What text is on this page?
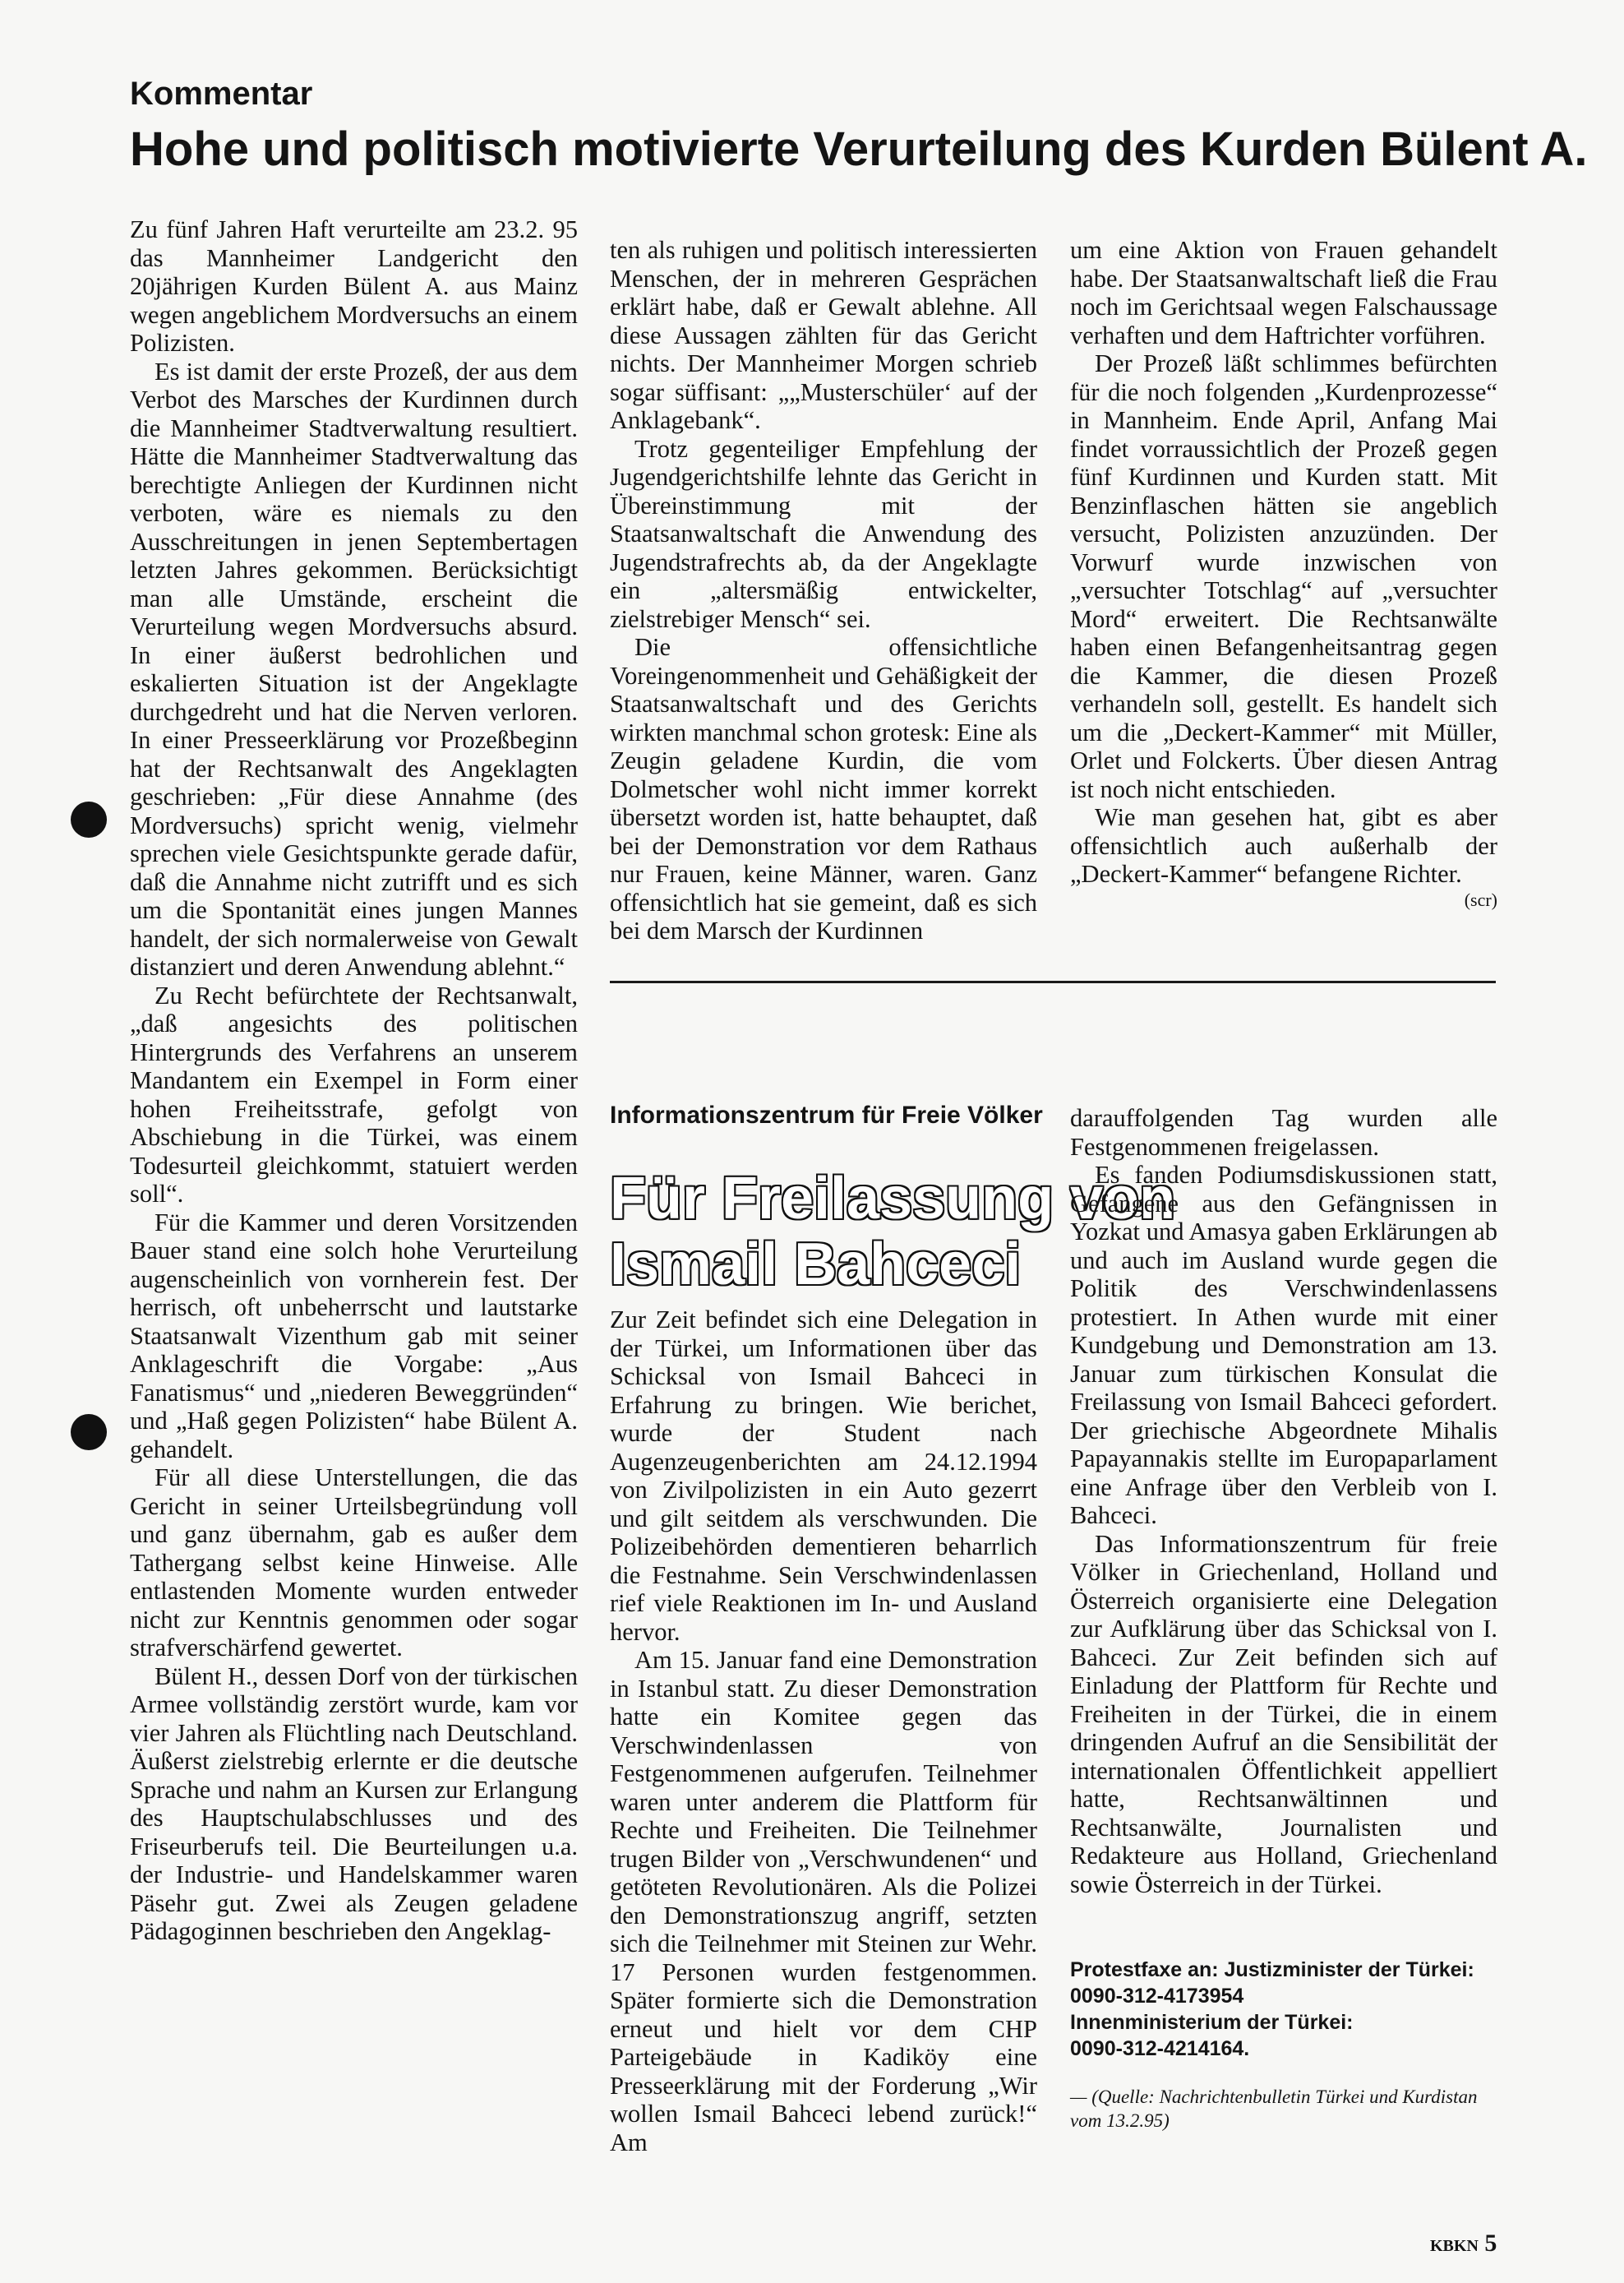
Kommentar
Hohe und politisch motivierte Verurteilung des Kurden Bülent A.

Zu fünf Jahren Haft verurteilte am 23.2. 95 das Mannheimer Landgericht den 20jährigen Kurden Bülent A. aus Mainz wegen angeblichem Mordversuchs an einem Polizisten.

Es ist damit der erste Prozeß, der aus dem Verbot des Marsches der Kurdinnen durch die Mannheimer Stadtverwaltung resultiert. Hätte die Mannheimer Stadtverwaltung das berechtigte Anliegen der Kurdinnen nicht verboten, wäre es niemals zu den Ausschreitungen in jenen Septembertagen letzten Jahres gekommen. Berücksichtigt man alle Umstände, erscheint die Verurteilung wegen Mordversuchs absurd. In einer äußerst bedrohlichen und eskalierten Situation ist der Angeklagte durchgedreht und hat die Nerven verloren. In einer Presseerklärung vor Prozeßbeginn hat der Rechtsanwalt des Angeklagten geschrieben: „Für diese Annahme (des Mordversuchs) spricht wenig, vielmehr sprechen viele Gesichtspunkte gerade dafür, daß die Annahme nicht zutrifft und es sich um die Spontanität eines jungen Mannes handelt, der sich normalerweise von Gewalt distanziert und deren Anwendung ablehnt.“

Zu Recht befürchtete der Rechtsanwalt, „daß angesichts des politischen Hintergrunds des Verfahrens an unserem Mandantem ein Exempel in Form einer hohen Freiheitsstrafe, gefolgt von Abschiebung in die Türkei, was einem Todesurteil gleichkommt, statuiert werden soll“.

Für die Kammer und deren Vorsitzenden Bauer stand eine solch hohe Verurteilung augenscheinlich von vornherein fest. Der herrisch, oft unbeherrscht und lautstarke Staatsanwalt Vizenthum gab mit seiner Anklageschrift die Vorgabe: „Aus Fanatismus“ und „niederen Beweggründen“ und „Haß gegen Polizisten“ habe Bülent A. gehandelt.

Für all diese Unterstellungen, die das Gericht in seiner Urteilsbegründung voll und ganz übernahm, gab es außer dem Tathergang selbst keine Hinweise. Alle entlastenden Momente wurden entweder nicht zur Kenntnis genommen oder sogar strafverschärfend gewertet.

Bülent H., dessen Dorf von der türkischen Armee vollständig zerstört wurde, kam vor vier Jahren als Flüchtling nach Deutschland. Äußerst zielstrebig erlernte er die deutsche Sprache und nahm an Kursen zur Erlangung des Hauptschulabschlusses und des Friseurberufs teil. Die Beurteilungen u.a. der Industrie- und Handelskammer waren Päsehr gut. Zwei als Zeugen geladene Pädagoginnen beschrieben den Angeklag-

ten als ruhigen und politisch interessierten Menschen, der in mehreren Gesprächen erklärt habe, daß er Gewalt ablehne. All diese Aussagen zählten für das Gericht nichts. Der Mannheimer Morgen schrieb sogar süffisant: „„Musterschüler‘ auf der Anklagebank“.

Trotz gegenteiliger Empfehlung der Jugendgerichtshilfe lehnte das Gericht in Übereinstimmung mit der Staatsanwaltschaft die Anwendung des Jugendstrafrechts ab, da der Angeklagte ein „altersmäßig entwickelter, zielstrebiger Mensch“ sei.

Die offensichtliche Voreingenommenheit und Gehäßigkeit der Staatsanwaltschaft und des Gerichts wirkten manchmal schon grotesk: Eine als Zeugin geladene Kurdin, die vom Dolmetscher wohl nicht immer korrekt übersetzt worden ist, hatte behauptet, daß bei der Demonstration vor dem Rathaus nur Frauen, keine Männer, waren. Ganz offensichtlich hat sie gemeint, daß es sich bei dem Marsch der Kurdinnen

um eine Aktion von Frauen gehandelt habe. Der Staatsanwaltschaft ließ die Frau noch im Gerichtsaal wegen Falschaussage verhaften und dem Haftrichter vorführen.

Der Prozeß läßt schlimmes befürchten für die noch folgenden „Kurdenprozesse“ in Mannheim. Ende April, Anfang Mai findet vorraussichtlich der Prozeß gegen fünf Kurdinnen und Kurden statt. Mit Benzinflaschen hätten sie angeblich versucht, Polizisten anzuzünden. Der Vorwurf wurde inzwischen von „versuchter Totschlag“ auf „versuchter Mord“ erweitert. Die Rechtsanwälte haben einen Befangenheitsantrag gegen die Kammer, die diesen Prozeß verhandeln soll, gestellt. Es handelt sich um die „Deckert-Kammer“ mit Müller, Orlet und Folckerts. Über diesen Antrag ist noch nicht entschieden.

Wie man gesehen hat, gibt es aber offensichtlich auch außerhalb der „Deckert-Kammer“ befangene Richter.

(scr)
Informationszentrum für Freie Völker
Für Freilassung von
Ismail Bahceci

Zur Zeit befindet sich eine Delegation in der Türkei, um Informationen über das Schicksal von Ismail Bahceci in Erfahrung zu bringen. Wie berichet, wurde der Student nach Augenzeugenberichten am 24.12.1994 von Zivilpolizisten in ein Auto gezerrt und gilt seitdem als verschwunden. Die Polizeibehörden dementieren beharrlich die Festnahme. Sein Verschwindenlassen rief viele Reaktionen im In- und Ausland hervor.

Am 15. Januar fand eine Demonstration in Istanbul statt. Zu dieser Demonstration hatte ein Komitee gegen das Verschwindenlassen von Festgenommenen aufgerufen. Teilnehmer waren unter anderem die Plattform für Rechte und Freiheiten. Die Teilnehmer trugen Bilder von „Verschwundenen“ und getöteten Revolutionären. Als die Polizei den Demonstrationszug angriff, setzten sich die Teilnehmer mit Steinen zur Wehr. 17 Personen wurden festgenommen. Später formierte sich die Demonstration erneut und hielt vor dem CHP Parteigebäude in Kadiköy eine Presseerklärung mit der Forderung „Wir wollen Ismail Bahceci lebend zurück!“ Am

darauffolgenden Tag wurden alle Festgenommenen freigelassen.

Es fanden Podiumsdiskussionen statt, Gefangene aus den Gefängnissen in Yozkat und Amasya gaben Erklärungen ab und auch im Ausland wurde gegen die Politik des Verschwindenlassens protestiert. In Athen wurde mit einer Kundgebung und Demonstration am 13. Januar zum türkischen Konsulat die Freilassung von Ismail Bahceci gefordert. Der griechische Abgeordnete Mihalis Papayannakis stellte im Europaparlament eine Anfrage über den Verbleib von I. Bahceci.

Das Informationszentrum für freie Völker in Griechenland, Holland und Österreich organisierte eine Delegation zur Aufklärung über das Schicksal von I. Bahceci. Zur Zeit befinden sich auf Einladung der Plattform für Rechte und Freiheiten in der Türkei, die in einem dringenden Aufruf an die Sensibilität der internationalen Öffentlichkeit appelliert hatte, Rechtsanwältinnen und Rechtsanwälte, Journalisten und Redakteure aus Holland, Griechenland sowie Österreich in der Türkei.

Protestfaxe an: Justizminister der Türkei:
0090-312-4173954
Innenministerium der Türkei:
0090-312-4214164.
— (Quelle: Nachrichtenbulletin Türkei und Kurdistan vom 13.2.95)
KBKN 5
